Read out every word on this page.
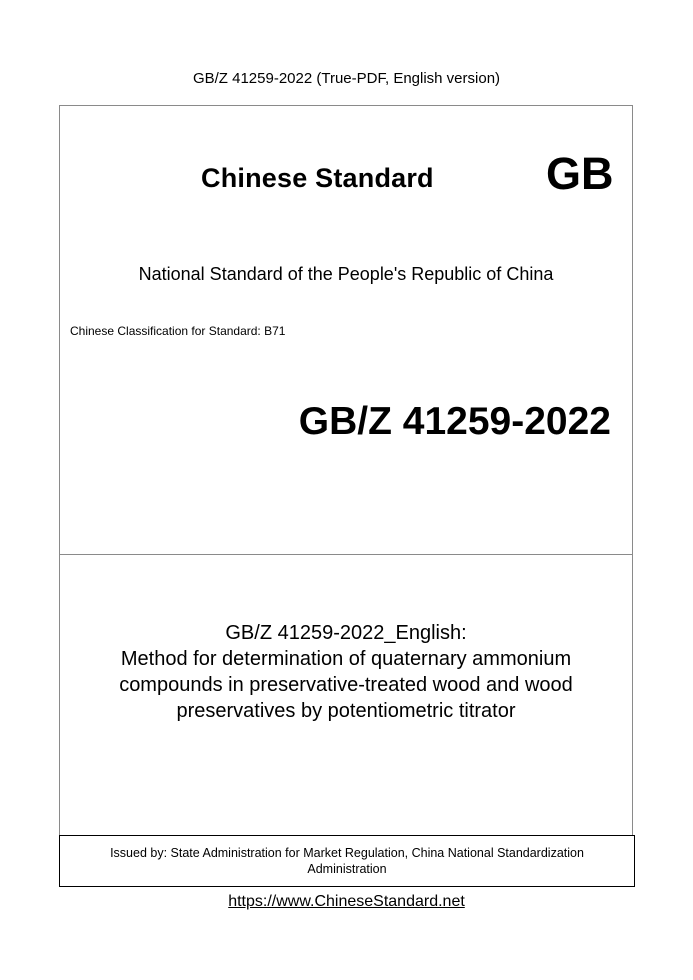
GB/Z 41259-2022 (True-PDF, English version)
Chinese Standard GB
National Standard of the People's Republic of China
Chinese Classification for Standard: B71
GB/Z 41259-2022
GB/Z 41259-2022_English:
Method for determination of quaternary ammonium
compounds in preservative-treated wood and wood
preservatives by potentiometric titrator
Issued by: State Administration for Market Regulation, China National Standardization
Administration
https://www.ChineseStandard.net
